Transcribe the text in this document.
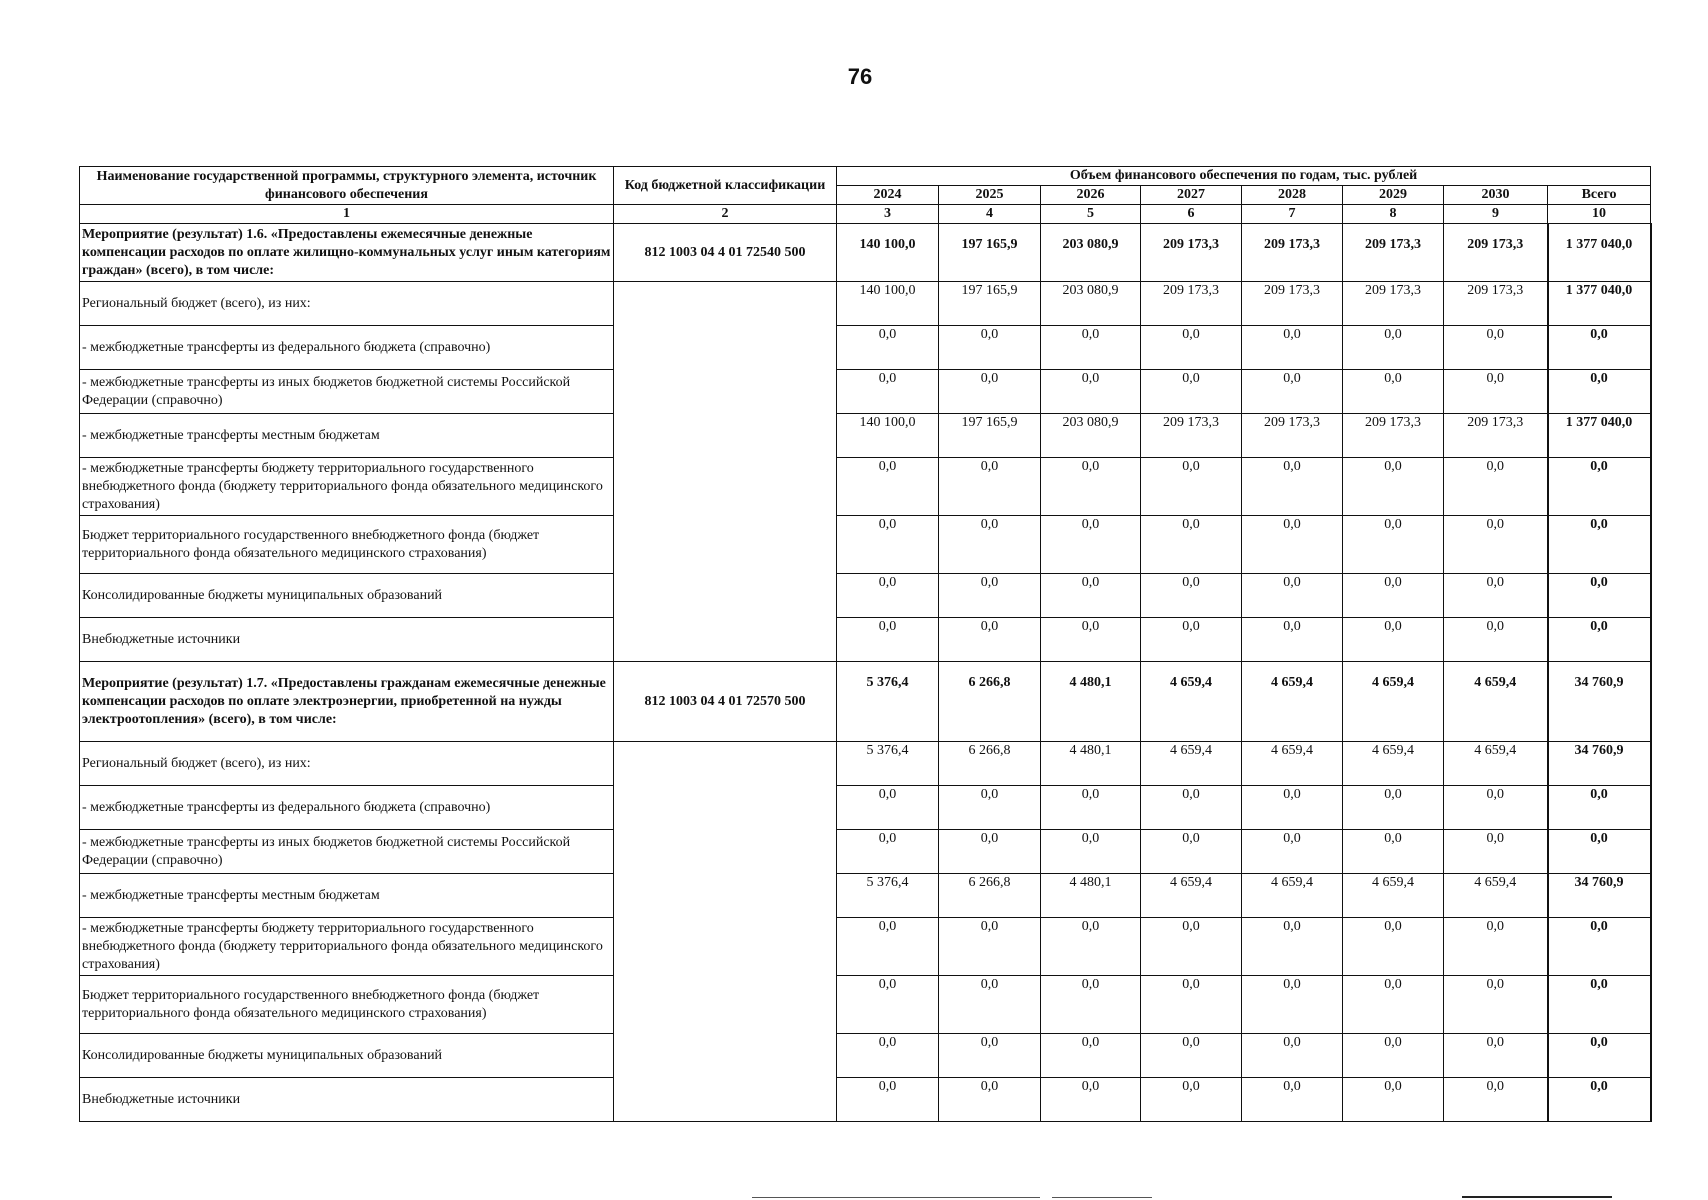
76
Наименование государственной программы, структурного элемента, источник финансового обеспечения	Код бюджетной классификации	Объем финансового обеспечения по годам, тыс. рублей							
		2024	2025	2026	2027	2028	2029	2030	Всего
1	2	3	4	5	6	7	8	9	10
Мероприятие (результат) 1.6. «Предоставлены ежемесячные денежные компенсации расходов по оплате жилищно-коммунальных услуг иным категориям граждан» (всего), в том числе:	812 1003 04 4 01 72540 500	140 100,0	197 165,9	203 080,9	209 173,3	209 173,3	209 173,3	209 173,3	1 377 040,0
Региональный бюджет (всего), из них:		140 100,0	197 165,9	203 080,9	209 173,3	209 173,3	209 173,3	209 173,3	1 377 040,0
- межбюджетные трансферты из федерального бюджета (справочно)		0,0	0,0	0,0	0,0	0,0	0,0	0,0	0,0
- межбюджетные трансферты из иных бюджетов бюджетной системы Российской Федерации (справочно)		0,0	0,0	0,0	0,0	0,0	0,0	0,0	0,0
- межбюджетные трансферты местным бюджетам		140 100,0	197 165,9	203 080,9	209 173,3	209 173,3	209 173,3	209 173,3	1 377 040,0
- межбюджетные трансферты бюджету территориального государственного внебюджетного фонда (бюджету территориального фонда обязательного медицинского страхования)		0,0	0,0	0,0	0,0	0,0	0,0	0,0	0,0
Бюджет территориального государственного внебюджетного фонда (бюджет территориального фонда обязательного медицинского страхования)		0,0	0,0	0,0	0,0	0,0	0,0	0,0	0,0
Консолидированные бюджеты муниципальных образований		0,0	0,0	0,0	0,0	0,0	0,0	0,0	0,0
Внебюджетные источники		0,0	0,0	0,0	0,0	0,0	0,0	0,0	0,0
Мероприятие (результат) 1.7. «Предоставлены гражданам ежемесячные денежные компенсации расходов по оплате электроэнергии, приобретенной на нужды электроотопления» (всего), в том числе:	812 1003 04 4 01 72570 500	5 376,4	6 266,8	4 480,1	4 659,4	4 659,4	4 659,4	4 659,4	34 760,9
Региональный бюджет (всего), из них:		5 376,4	6 266,8	4 480,1	4 659,4	4 659,4	4 659,4	4 659,4	34 760,9
- межбюджетные трансферты из федерального бюджета (справочно)		0,0	0,0	0,0	0,0	0,0	0,0	0,0	0,0
- межбюджетные трансферты из иных бюджетов бюджетной системы Российской Федерации (справочно)		0,0	0,0	0,0	0,0	0,0	0,0	0,0	0,0
- межбюджетные трансферты местным бюджетам		5 376,4	6 266,8	4 480,1	4 659,4	4 659,4	4 659,4	4 659,4	34 760,9
- межбюджетные трансферты бюджету территориального государственного внебюджетного фонда (бюджету территориального фонда обязательного медицинского страхования)		0,0	0,0	0,0	0,0	0,0	0,0	0,0	0,0
Бюджет территориального государственного внебюджетного фонда (бюджет территориального фонда обязательного медицинского страхования)		0,0	0,0	0,0	0,0	0,0	0,0	0,0	0,0
Консолидированные бюджеты муниципальных образований		0,0	0,0	0,0	0,0	0,0	0,0	0,0	0,0
Внебюджетные источники		0,0	0,0	0,0	0,0	0,0	0,0	0,0	0,0
